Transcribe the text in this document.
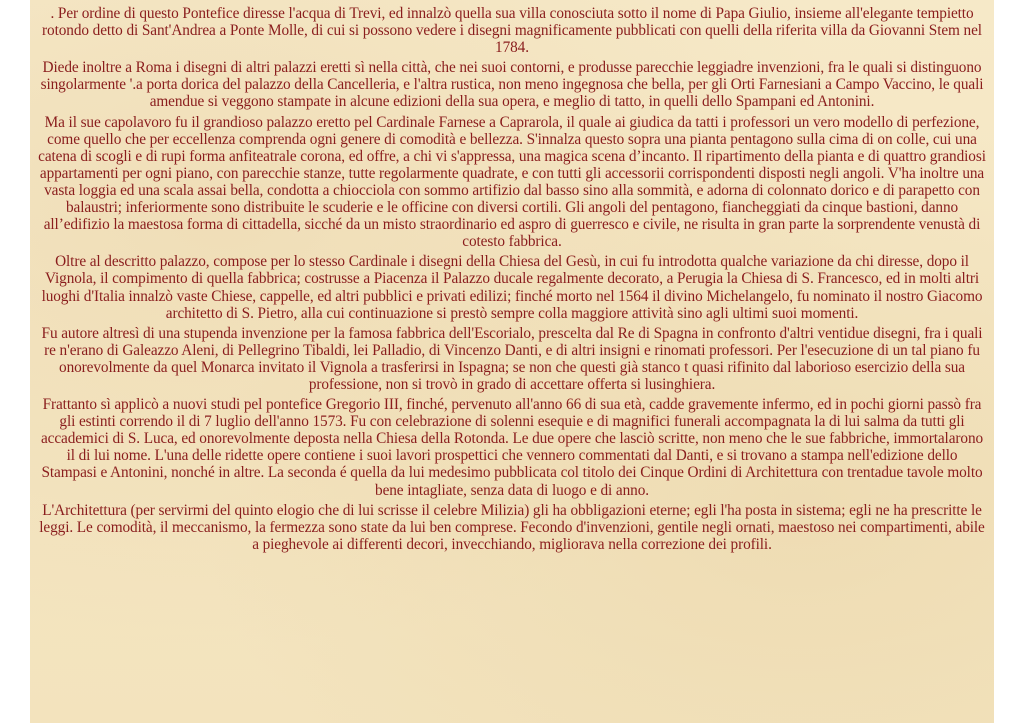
. Per ordine di questo Pontefice diresse l'acqua di Trevi, ed innalzò quella sua villa conosciuta sotto il nome di Papa Giulio, insieme all'elegante tempietto rotondo detto di Sant'Andrea a Ponte Molle, di cui si possono vedere i disegni magnificamente pubblicati con quelli della riferita villa da Giovanni Stem nel 1784.

Diede inoltre a Roma i disegni di altri palazzi eretti sì nella città, che nei suoi contorni, e produsse parecchie leggiadre invenzioni, fra le quali si distinguono singolarmente '.a porta dorica del palazzo della Cancelleria, e l'altra rustica, non meno ingegnosa che bella, per gli Orti Farnesiani a Campo Vaccino, le quali amendue si veggono stampate in alcune edizioni della sua opera, e meglio di tatto, in quelli dello Spampani ed Antonini.

Ma il sue capolavoro fu il grandioso palazzo eretto pel Cardinale Farnese a Caprarola, il quale ai giudica da tatti i professori un vero modello di perfezione, come quello che per eccellenza comprenda ogni genere di comodità e bellezza. S'innalza questo sopra una pianta pentagono sulla cima di on colle, cui una catena di scogli e di rupi forma anfiteatrale corona, ed offre, a chi vi s'appressa, una magica scena d’incanto. Il ripartimento della pianta e di quattro grandiosi appartamenti per ogni piano, con parecchie stanze, tutte regolarmente quadrate, e con tutti gli accessorii corrispondenti disposti negli angoli. V'ha inoltre una vasta loggia ed una scala assai bella, condotta a chiocciola con sommo artifizio dal basso sino alla sommità, e adorna di colonnato dorico e di parapetto con balaustri; inferiormente sono distribuite le scuderie e le officine con diversi cortili. Gli angoli del pentagono, fiancheggiati da cinque bastioni, danno all’edifizio la maestosa forma di cittadella, sicché da un misto straordinario ed aspro di guerresco e civile, ne risulta in gran parte la sorprendente venustà di cotesto fabbrica.

Oltre al descritto palazzo, compose per lo stesso Cardinale i disegni della Chiesa del Gesù, in cui fu introdotta qualche variazione da chi diresse, dopo il Vignola, il compimento di quella fabbrica; costrusse a Piacenza il Palazzo ducale regalmente decorato, a Perugia la Chiesa di S. Francesco, ed in molti altri luoghi d'Italia innalzò vaste Chiese, cappelle, ed altri pubblici e privati edilizi; finché morto nel 1564 il divino Michelangelo, fu nominato il nostro Giacomo architetto di S. Pietro, alla cui continuazione si prestò sempre colla maggiore attività sino agli ultimi suoi momenti.

Fu autore altresì di una stupenda invenzione per la famosa fabbrica dell'Escorialo, prescelta dal Re di Spagna in confronto d'altri ventidue disegni, fra i quali re n'erano di Galeazzo Aleni, di Pellegrino Tibaldi, lei Palladio, di Vincenzo Danti, e di altri insigni e rinomati professori. Per l'esecuzione di un tal piano fu onorevolmente da quel Monarca invitato il Vignola a trasferirsi in Ispagna; se non che questi già stanco t quasi rifinito dal laborioso esercizio della sua professione, non si trovò in grado di accettare offerta si lusinghiera.

Frattanto sì applicò a nuovi studi pel pontefice Gregorio III, finché, pervenuto all'anno 66 di sua età, cadde gravemente infermo, ed in pochi giorni passò fra gli estinti correndo il di 7 luglio dell'anno 1573. Fu con celebrazione di solenni esequie e di magnifici funerali accompagnata la di lui salma da tutti gli accademici di S. Luca, ed onorevolmente deposta nella Chiesa della Rotonda. Le due opere che lasciò scritte, non meno che le sue fabbriche, immortalarono il di lui nome. L'una delle ridette opere contiene i suoi lavori prospettici che vennero commentati dal Danti, e si trovano a stampa nell'edizione dello Stampasi e Antonini, nonché in altre. La seconda é quella da lui medesimo pubblicata col titolo dei Cinque Ordini di Architettura con trentadue tavole molto bene intagliate, senza data di luogo e di anno.

L'Architettura (per servirmi del quinto elogio che di lui scrisse il celebre Milizia) gli ha obbligazioni eterne; egli l'ha posta in sistema; egli ne ha prescritte le leggi. Le comodità, il meccanismo, la fermezza sono state da lui ben comprese. Fecondo d'invenzioni, gentile negli ornati, maestoso nei compartimenti, abile a pieghevole ai differenti decori, invecchiando, migliorava nella correzione dei profili.
